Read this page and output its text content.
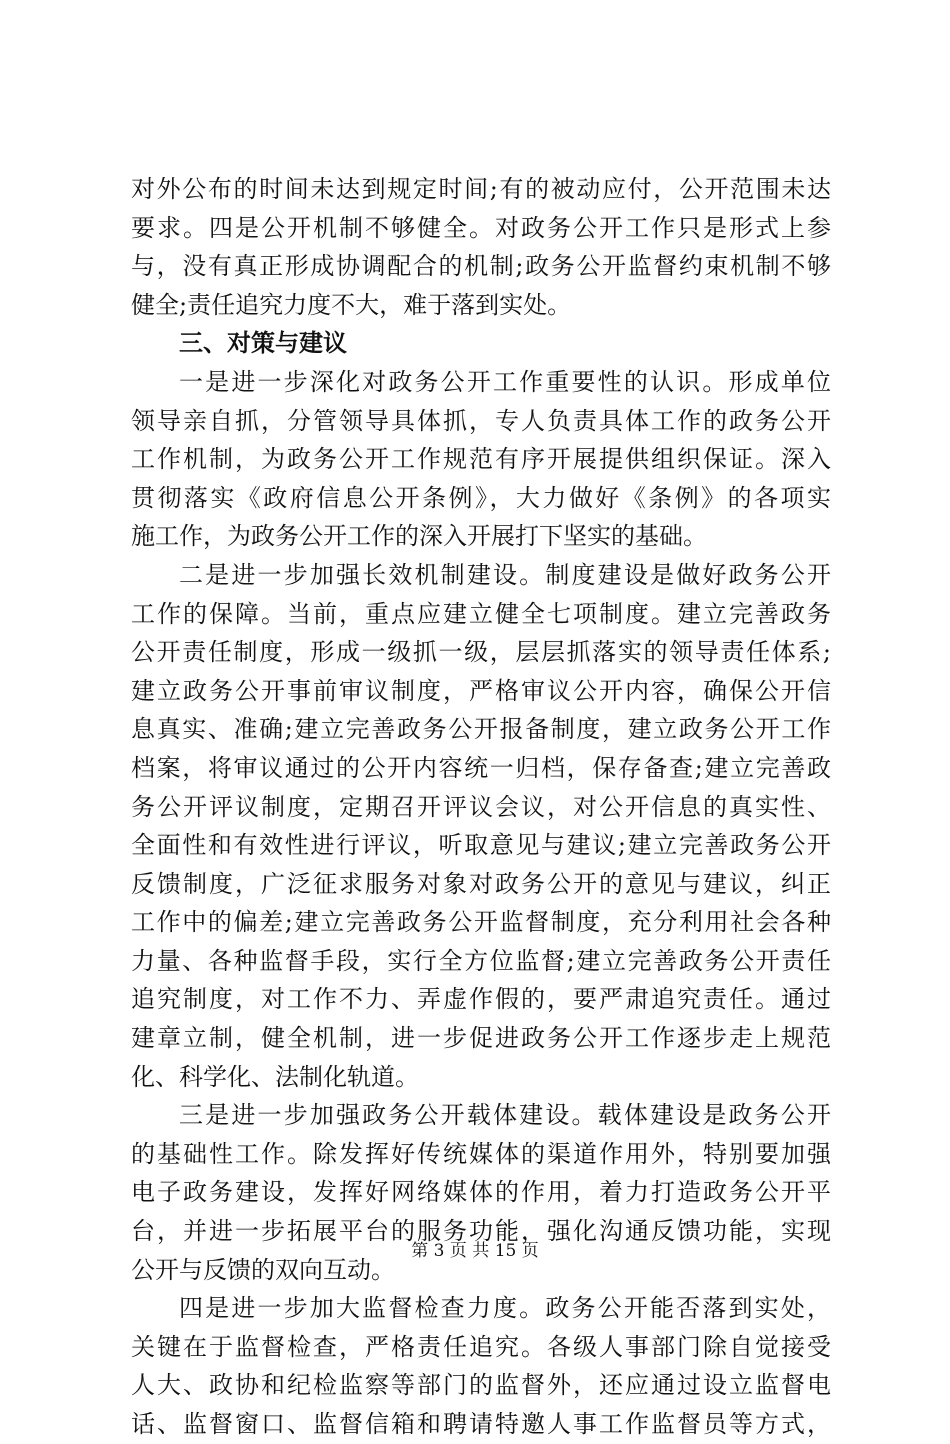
对外公布的时间未达到规定时间;有的被动应付，公开范围未达
要求。四是公开机制不够健全。对政务公开工作只是形式上参
与，没有真正形成协调配合的机制;政务公开监督约束机制不够
健全;责任追究力度不大，难于落到实处。
三、对策与建议
一是进一步深化对政务公开工作重要性的认识。形成单位
领导亲自抓，分管领导具体抓，专人负责具体工作的政务公开
工作机制，为政务公开工作规范有序开展提供组织保证。深入
贯彻落实《政府信息公开条例》，大力做好《条例》的各项实
施工作，为政务公开工作的深入开展打下坚实的基础。
二是进一步加强长效机制建设。制度建设是做好政务公开
工作的保障。当前，重点应建立健全七项制度。建立完善政务
公开责任制度，形成一级抓一级，层层抓落实的领导责任体系;
建立政务公开事前审议制度，严格审议公开内容，确保公开信
息真实、准确;建立完善政务公开报备制度，建立政务公开工作
档案，将审议通过的公开内容统一归档，保存备查;建立完善政
务公开评议制度，定期召开评议会议，对公开信息的真实性、
全面性和有效性进行评议，听取意见与建议;建立完善政务公开
反馈制度，广泛征求服务对象对政务公开的意见与建议，纠正
工作中的偏差;建立完善政务公开监督制度，充分利用社会各种
力量、各种监督手段，实行全方位监督;建立完善政务公开责任
追究制度，对工作不力、弄虚作假的，要严肃追究责任。通过
建章立制，健全机制，进一步促进政务公开工作逐步走上规范
化、科学化、法制化轨道。
三是进一步加强政务公开载体建设。载体建设是政务公开
的基础性工作。除发挥好传统媒体的渠道作用外，特别要加强
电子政务建设，发挥好网络媒体的作用，着力打造政务公开平
台，并进一步拓展平台的服务功能，强化沟通反馈功能，实现
公开与反馈的双向互动。
四是进一步加大监督检查力度。政务公开能否落到实处，
关键在于监督检查，严格责任追究。各级人事部门除自觉接受
人大、政协和纪检监察等部门的监督外，还应通过设立监督电
话、监督窗口、监督信箱和聘请特邀人事工作监督员等方式，
第 3 页 共 15 页
